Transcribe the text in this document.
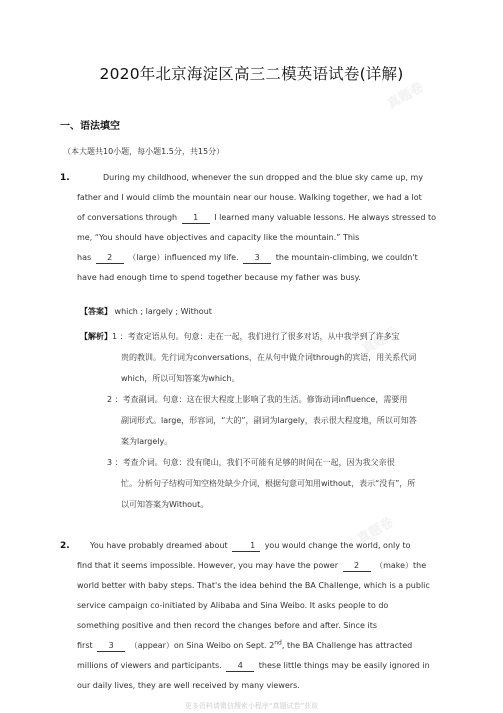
真题卷
真题卷
真题卷
2020年北京海淀区高三二模英语试卷(详解)
一、语法填空
（本大题共10小题，每小题1.5分，共15分）
1.	During my childhood, whenever the sun dropped and the blue sky came up, my
father and I would climb the mountain near our house. Walking together, we had a lot
of conversations through 1 I learned many valuable lessons. He always stressed to
me, “You should have objectives and capacity like the mountain.” This
has 2 （large）influenced my life. 3 the mountain-climbing, we couldn't
have had enough time to spend together because my father was busy.
【答案】 which ; largely ; Without
【解析】 1 ：考查定语从句。句意：走在一起，我们进行了很多对话，从中我学到了许多宝
贵的教训。先行词为conversations，在从句中做介词through的宾语，用关系代词
which，所以可知答案为which。
2 ：考查副词。句意：这在很大程度上影响了我的生活。修饰动词influence，需要用
副词形式。large，形容词，“大的”，副词为largely，表示很大程度地，所以可知答
案为largely。
3 ：考查介词。句意：没有爬山，我们不可能有足够的时间在一起，因为我父亲很
忙。分析句子结构可知空格处缺少介词，根据句意可知用without，表示“没有”，所
以可知答案为Without。
2.	You have probably dreamed about	1 you would change the world, only to
find that it seems impossible. However, you may have the power 2 （make）the
world better with baby steps. That's the idea behind the BA Challenge, which is a public
service campaign co-initiated by Alibaba and Sina Weibo. It asks people to do
something positive and then record the changes before and after. Since its
first 3 （appear）on Sina Weibo on Sept. 2nd, the BA Challenge has attracted
millions of viewers and participants. 4 these little things may be easily ignored in
our daily lives, they are well received by many viewers.
更多资料请微信搜索小程序“真题试卷”获取
